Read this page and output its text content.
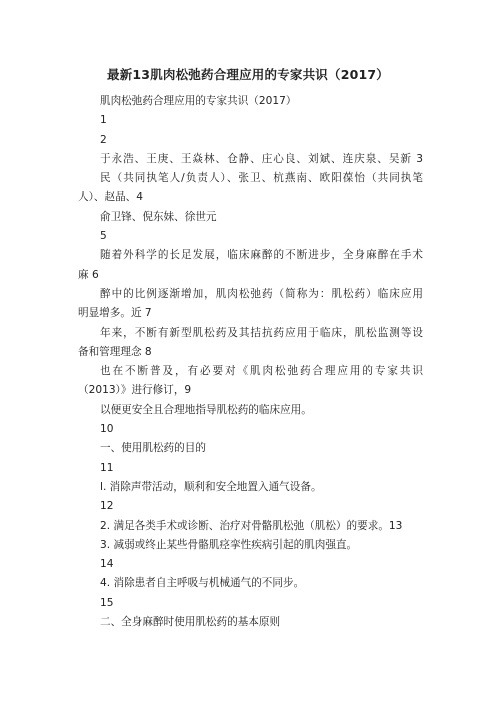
最新13肌肉松弛药合理应用的专家共识（2017）
肌肉松弛药合理应用的专家共识（2017）
1
2
于永浩、王庚、王焱林、仓静、庄心良、刘斌、连庆泉、吴新 3
民（共同执笔人/负责人）、张卫、杭燕南、欧阳葆怡（共同执笔
人）、赵晶、4
俞卫锋、倪东妹、徐世元
5
随着外科学的长足发展，临床麻醉的不断进步，全身麻醉在手术
麻 6
醉中的比例逐渐增加，肌肉松弛药（简称为：肌松药）临床应用
明显增多。近 7
年来，不断有新型肌松药及其拮抗药应用于临床，肌松监测等设
备和管理理念 8
也在不断普及，有必要对《肌肉松弛药合理应用的专家共识
（2013）》进行修订，9
以便更安全且合理地指导肌松药的临床应用。
10
一、使用肌松药的目的
11
l. 消除声带活动，顺利和安全地置入通气设备。
12
2. 满足各类手术或诊断、治疗对骨骼肌松弛（肌松）的要求。13
3. 减弱或终止某些骨骼肌痉挛性疾病引起的肌肉强直。
14
4. 消除患者自主呼吸与机械通气的不同步。
15
二、全身麻醉时使用肌松药的基本原则
